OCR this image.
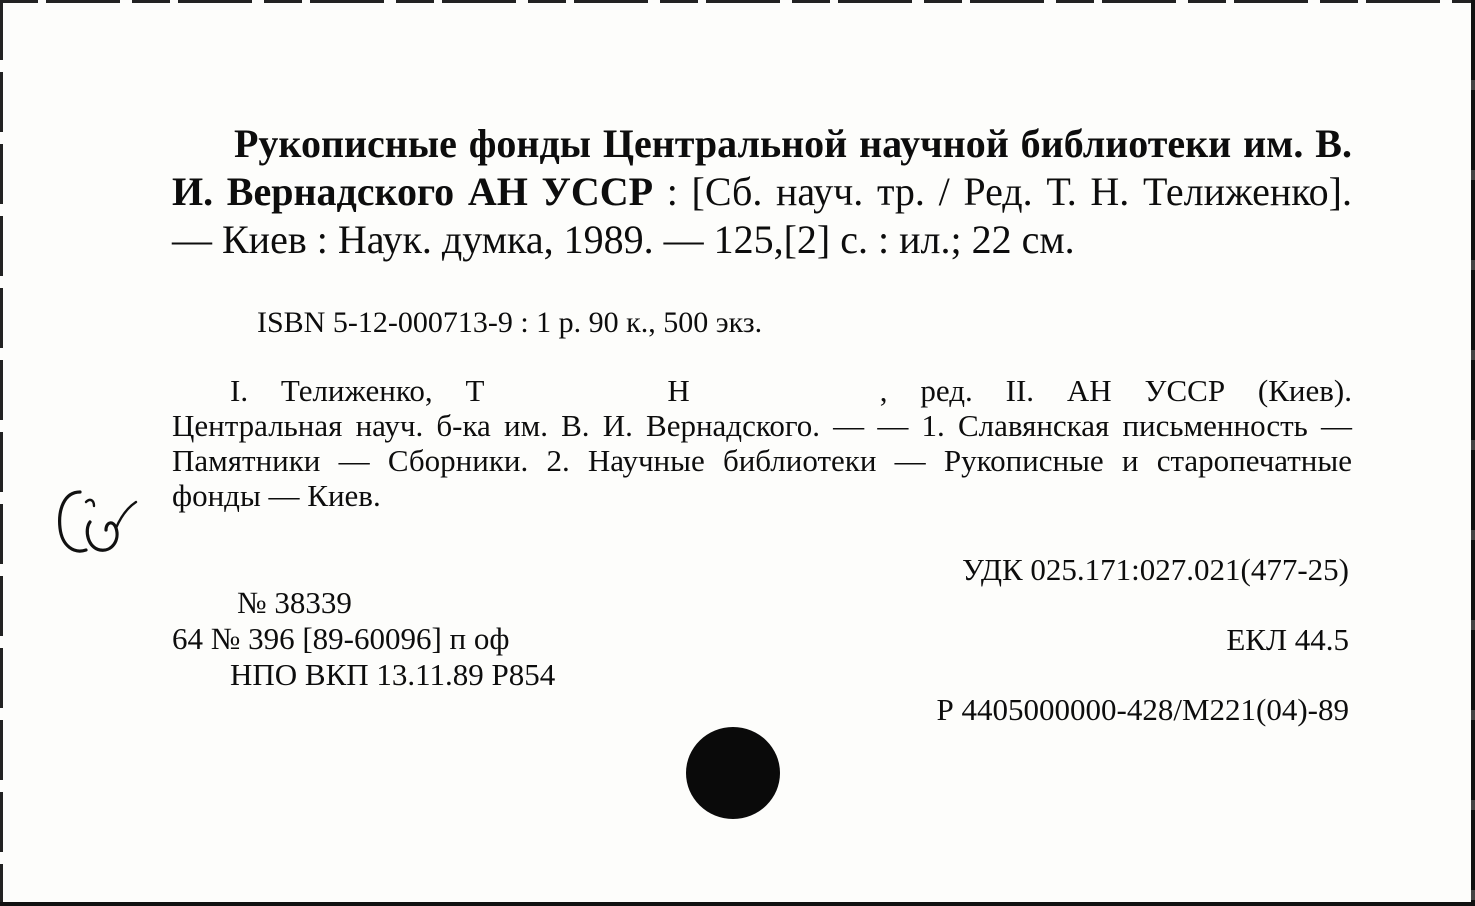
Рукописные фонды Центральной научной библиотеки им. В. И. Вернадского АН УССР : [Сб. науч. тр. / Ред. Т. Н. Телиженко]. — Киев : Наук. думка, 1989. — 125,[2] с. : ил.; 22 см.

ISBN 5-12-000713-9 : 1 р. 90 к., 500 экз.

I. Телиженко, Т	Н	, ред. II. АН УССР (Киев). Центральная науч. б-ка им. В. И. Вернадского. — — 1. Славянская письменность — Памятники — Сборники. 2. Научные библиотеки — Рукописные и старопечатные фонды — Киев.

УДК 025.171:027.021(477-25)

ЕКЛ 44.5

Р 4405000000-428/М221(04)-89

№ 38339

64 № 396 [89-60096] п оф

НПО ВКП 13.11.89 Р854
